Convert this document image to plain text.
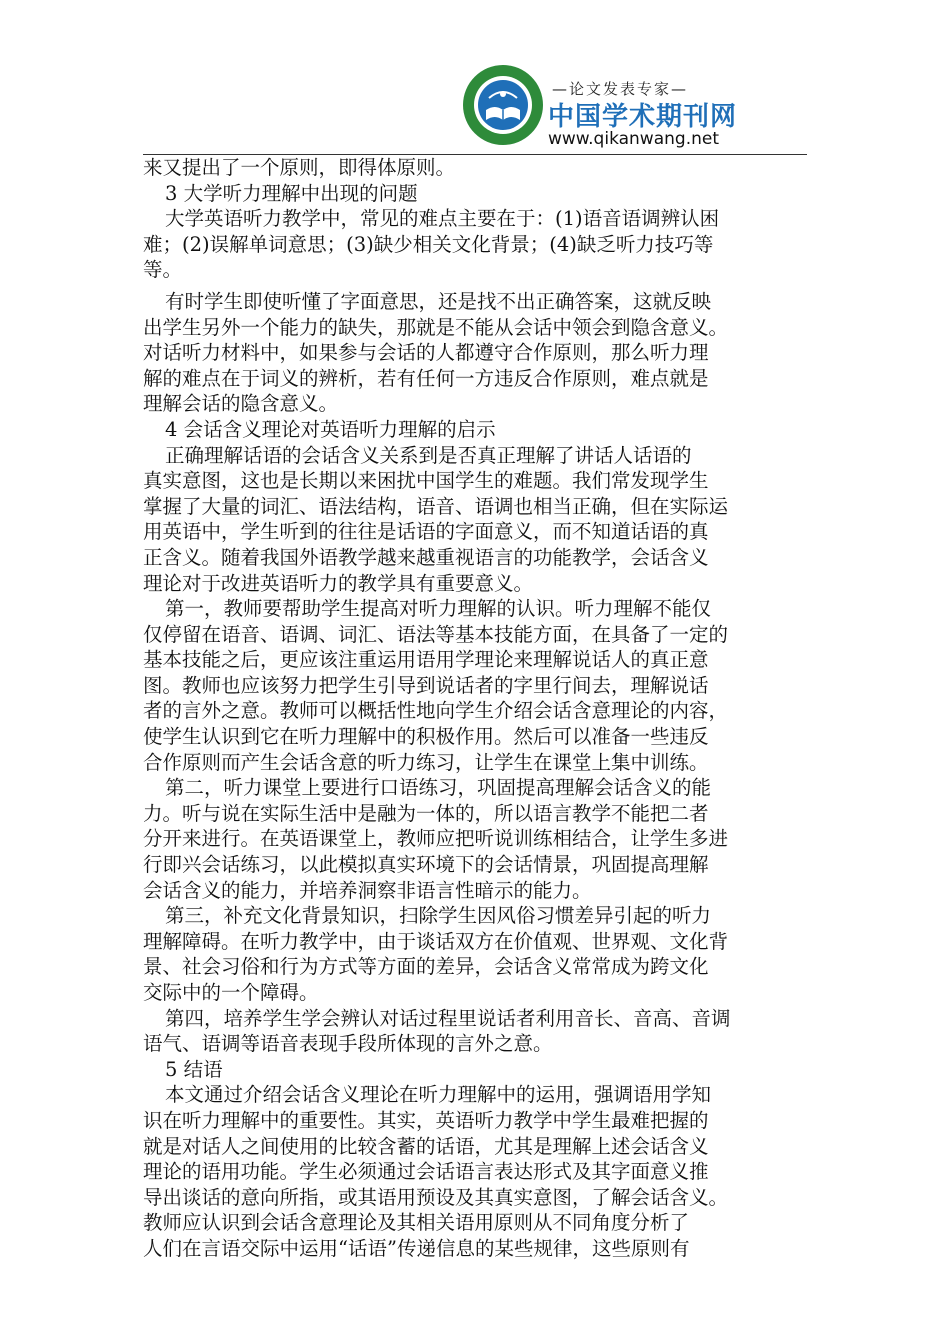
—论文发表专家—
中国学术期刊网
www.qikanwang.net
来又提出了一个原则，即得体原则。
3 大学听力理解中出现的问题
大学英语听力教学中，常见的难点主要在于：(1)语音语调辨认困
难；(2)误解单词意思；(3)缺少相关文化背景；(4)缺乏听力技巧等
等。
有时学生即使听懂了字面意思，还是找不出正确答案，这就反映
出学生另外一个能力的缺失，那就是不能从会话中领会到隐含意义。
对话听力材料中，如果参与会话的人都遵守合作原则，那么听力理
解的难点在于词义的辨析，若有任何一方违反合作原则，难点就是
理解会话的隐含意义。
4 会话含义理论对英语听力理解的启示
正确理解话语的会话含义关系到是否真正理解了讲话人话语的
真实意图，这也是长期以来困扰中国学生的难题。我们常发现学生
掌握了大量的词汇、语法结构，语音、语调也相当正确，但在实际运
用英语中，学生听到的往往是话语的字面意义，而不知道话语的真
正含义。随着我国外语教学越来越重视语言的功能教学，会话含义
理论对于改进英语听力的教学具有重要意义。
第一，教师要帮助学生提高对听力理解的认识。听力理解不能仅
仅停留在语音、语调、词汇、语法等基本技能方面，在具备了一定的
基本技能之后，更应该注重运用语用学理论来理解说话人的真正意
图。教师也应该努力把学生引导到说话者的字里行间去，理解说话
者的言外之意。教师可以概括性地向学生介绍会话含意理论的内容，
使学生认识到它在听力理解中的积极作用。然后可以准备一些违反
合作原则而产生会话含意的听力练习，让学生在课堂上集中训练。
第二，听力课堂上要进行口语练习，巩固提高理解会话含义的能
力。听与说在实际生活中是融为一体的，所以语言教学不能把二者
分开来进行。在英语课堂上，教师应把听说训练相结合，让学生多进
行即兴会话练习，以此模拟真实环境下的会话情景，巩固提高理解
会话含义的能力，并培养洞察非语言性暗示的能力。
第三，补充文化背景知识，扫除学生因风俗习惯差异引起的听力
理解障碍。在听力教学中，由于谈话双方在价值观、世界观、文化背
景、社会习俗和行为方式等方面的差异，会话含义常常成为跨文化
交际中的一个障碍。
第四，培养学生学会辨认对话过程里说话者利用音长、音高、音调
语气、语调等语音表现手段所体现的言外之意。
5 结语
本文通过介绍会话含义理论在听力理解中的运用，强调语用学知
识在听力理解中的重要性。其实，英语听力教学中学生最难把握的
就是对话人之间使用的比较含蓄的话语，尤其是理解上述会话含义
理论的语用功能。学生必须通过会话语言表达形式及其字面意义推
导出谈话的意向所指，或其语用预设及其真实意图，了解会话含义。
教师应认识到会话含意理论及其相关语用原则从不同角度分析了
人们在言语交际中运用“话语”传递信息的某些规律，这些原则有
